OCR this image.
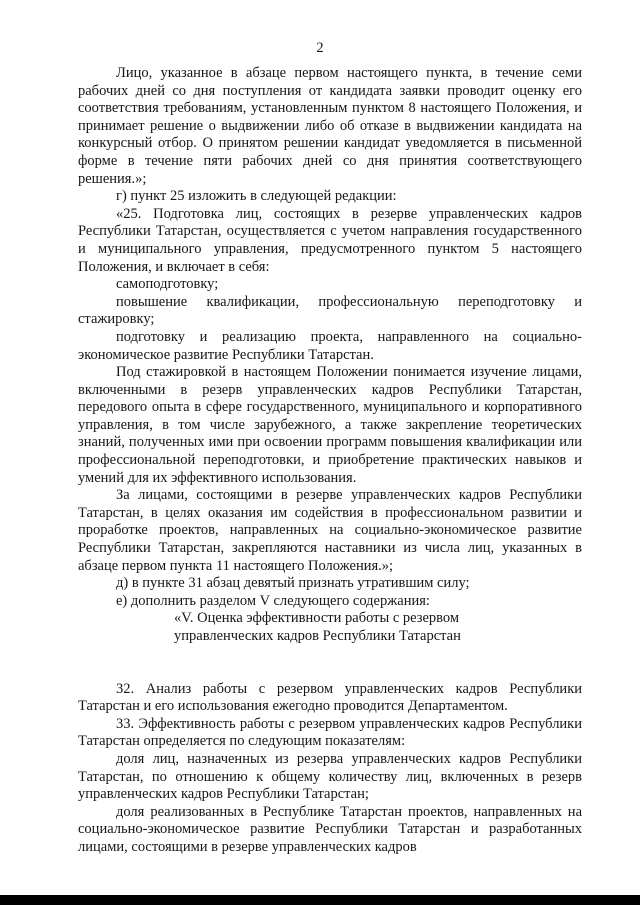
2

Лицо, указанное в абзаце первом настоящего пункта, в течение семи рабочих дней со дня поступления от кандидата заявки проводит оценку его соответствия требованиям, установленным пунктом 8 настоящего Положения, и принимает решение о выдвижении либо об отказе в выдвижении кандидата на конкурсный отбор. О принятом решении кандидат уведомляется в письменной форме в течение пяти рабочих дней со дня принятия соответствующего решения.»;

г) пункт 25 изложить в следующей редакции:

«25. Подготовка лиц, состоящих в резерве управленческих кадров Республики Татарстан, осуществляется с учетом направления государственного и муниципального управления, предусмотренного пунктом 5 настоящего Положения, и включает в себя:

самоподготовку;

повышение квалификации, профессиональную переподготовку и стажировку;

подготовку и реализацию проекта, направленного на социально-экономическое развитие Республики Татарстан.

Под стажировкой в настоящем Положении понимается изучение лицами, включенными в резерв управленческих кадров Республики Татарстан, передового опыта в сфере государственного, муниципального и корпоративного управления, в том числе зарубежного, а также закрепление теоретических знаний, полученных ими при освоении программ повышения квалификации или профессиональной переподготовки, и приобретение практических навыков и умений для их эффективного использования.

За лицами, состоящими в резерве управленческих кадров Республики Татарстан, в целях оказания им содействия в профессиональном развитии и проработке проектов, направленных на социально-экономическое развитие Республики Татарстан, закрепляются наставники из числа лиц, указанных в абзаце первом пункта 11 настоящего Положения.»;

д) в пункте 31 абзац девятый признать утратившим силу;

е) дополнить разделом V следующего содержания:

«V. Оценка эффективности работы с резервом
управленческих кадров Республики Татарстан

32. Анализ работы с резервом управленческих кадров Республики Татарстан и его использования ежегодно проводится Департаментом.

33. Эффективность работы с резервом управленческих кадров Республики Татарстан определяется по следующим показателям:

доля лиц, назначенных из резерва управленческих кадров Республики Татарстан, по отношению к общему количеству лиц, включенных в резерв управленческих кадров Республики Татарстан;

доля реализованных в Республике Татарстан проектов, направленных на социально-экономическое развитие Республики Татарстан и разработанных лицами, состоящими в резерве управленческих кадров
